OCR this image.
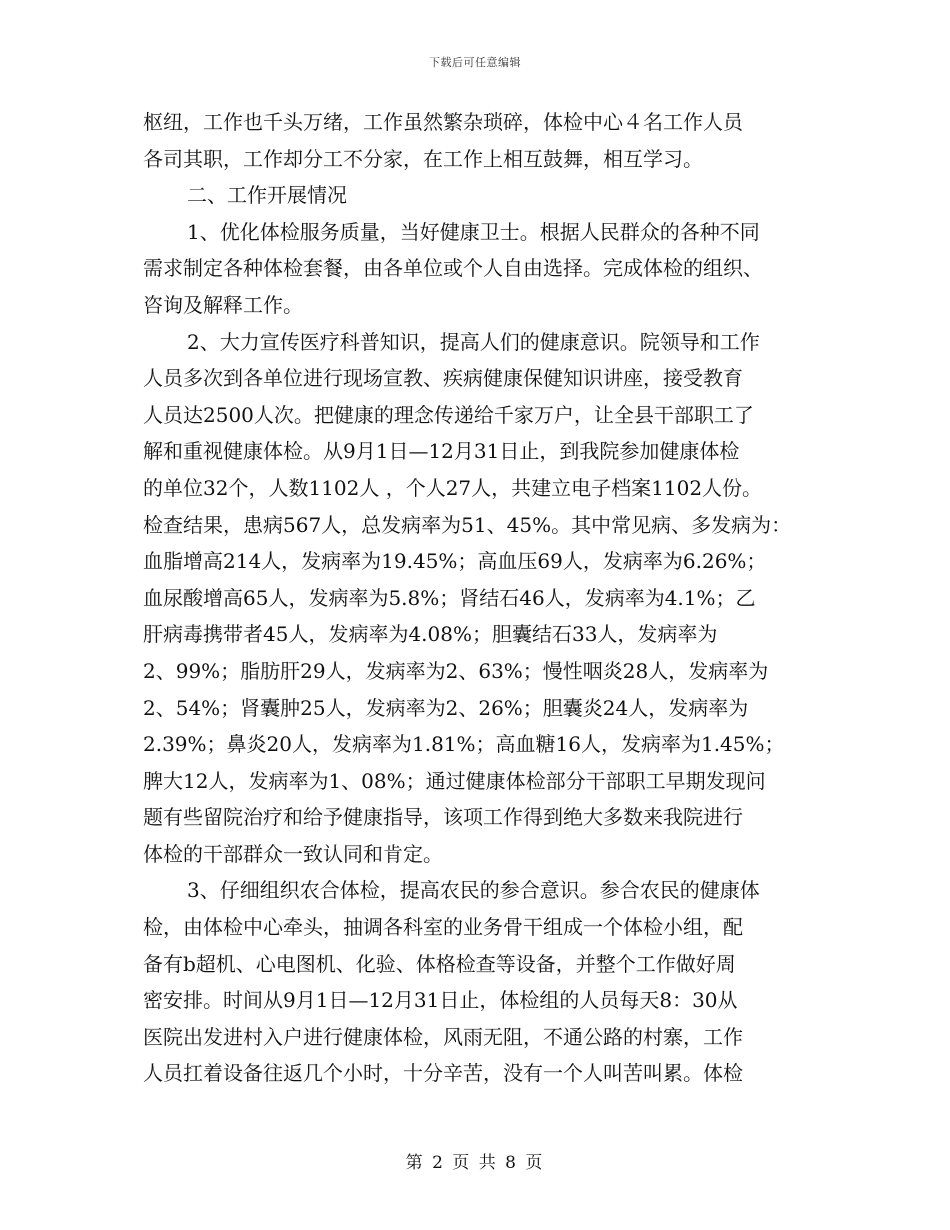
下载后可任意编辑
枢纽，工作也千头万绪，工作虽然繁杂琐碎，体检中心４名工作人员
各司其职，工作却分工不分家，在工作上相互鼓舞，相互学习。
二、工作开展情况
1、优化体检服务质量，当好健康卫士。根据人民群众的各种不同
需求制定各种体检套餐，由各单位或个人自由选择。完成体检的组织、
咨询及解释工作。
2、大力宣传医疗科普知识，提高人们的健康意识。院领导和工作
人员多次到各单位进行现场宣教、疾病健康保健知识讲座，接受教育
人员达2500人次。把健康的理念传递给千家万户，让全县干部职工了
解和重视健康体检。从9月1日—12月31日止，到我院参加健康体检
的单位32个，人数1102人 ，个人27人，共建立电子档案1102人份。
检查结果，患病567人，总发病率为51、45%。其中常见病、多发病为：
血脂增高214人，发病率为19.45%；高血压69人，发病率为6.26%；
血尿酸增高65人，发病率为5.8%；肾结石46人，发病率为4.1%；乙
肝病毒携带者45人，发病率为4.08%；胆囊结石33人，发病率为
2、99%；脂肪肝29人，发病率为2、63%；慢性咽炎28人，发病率为
2、54%；肾囊肿25人，发病率为2、26%；胆囊炎24人，发病率为
2.39%；鼻炎20人，发病率为1.81%；高血糖16人，发病率为1.45%；
脾大12人，发病率为1、08%；通过健康体检部分干部职工早期发现问
题有些留院治疗和给予健康指导，该项工作得到绝大多数来我院进行
体检的干部群众一致认同和肯定。
3、仔细组织农合体检，提高农民的参合意识。参合农民的健康体
检，由体检中心牵头，抽调各科室的业务骨干组成一个体检小组，配
备有b超机、心电图机、化验、体格检查等设备，并整个工作做好周
密安排。时间从9月1日—12月31日止，体检组的人员每天8：30从
医院出发进村入户进行健康体检，风雨无阻，不通公路的村寨，工作
人员扛着设备往返几个小时，十分辛苦，没有一个人叫苦叫累。体检
第 2 页 共 8 页
